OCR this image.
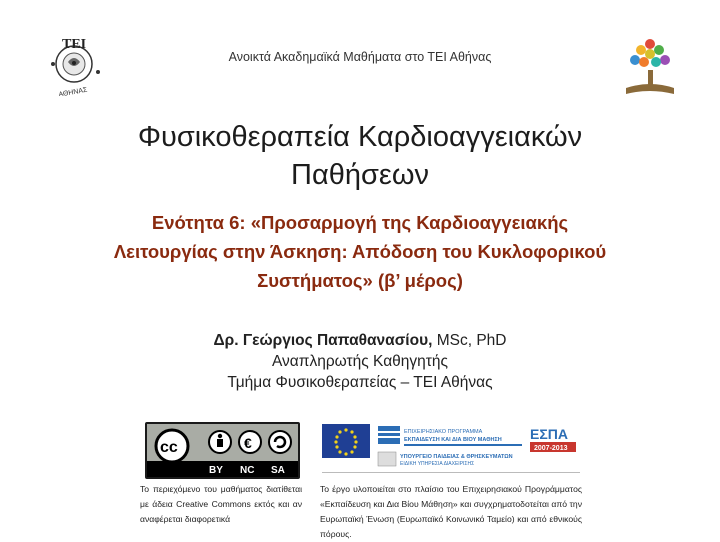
ΤΕΙ
ΑΘΗΝΑΣ
Ανοικτά Ακαδημαϊκά Μαθήματα στο ΤΕΙ Αθήνας
Φυσικοθεραπεία Καρδιοαγγειακών
Παθήσεων
Ενότητα 6: «Προσαρμογή της Καρδιοαγγειακής
Λειτουργίας στην Άσκηση: Απόδοση του Κυκλοφορικού
Συστήματος» (β’ μέρος)
Δρ. Γεώργιος Παπαθανασίου, MSc, PhD
Αναπληρωτής Καθηγητής
Τμήμα Φυσικοθεραπείας – ΤΕΙ Αθήνας
cc	€
BY NC SA
ΕΠΙΧΕΙΡΗΣΙΑΚΟ ΠΡΟΓΡΑΜΜΑ
ΕΚΠΑΙΔΕΥΣΗ ΚΑΙ ΔΙΑ ΒΙΟΥ ΜΑΘΗΣΗ ΕΣΠΑ
2007-2013
ΥΠΟΥΡΓΕΙΟ ΠΑΙΔΕΙΑΣ & ΘΡΗΣΚΕΥΜΑΤΩΝ
ΕΙΔΙΚΗ ΥΠΗΡΕΣΙΑ ΔΙΑΧΕΙΡΙΣΗΣ
Το περιεχόμενο του μαθήματος διατίθεται με άδεια Creative Commons εκτός και αν αναφέρεται διαφορετικά
Το έργο υλοποιείται στο πλαίσιο του Επιχειρησιακού Προγράμματος «Εκπαίδευση και Δια Βίου Μάθηση» και συγχρηματοδοτείται από την Ευρωπαϊκή Ένωση (Ευρωπαϊκό Κοινωνικό Ταμείο) και από εθνικούς πόρους.
